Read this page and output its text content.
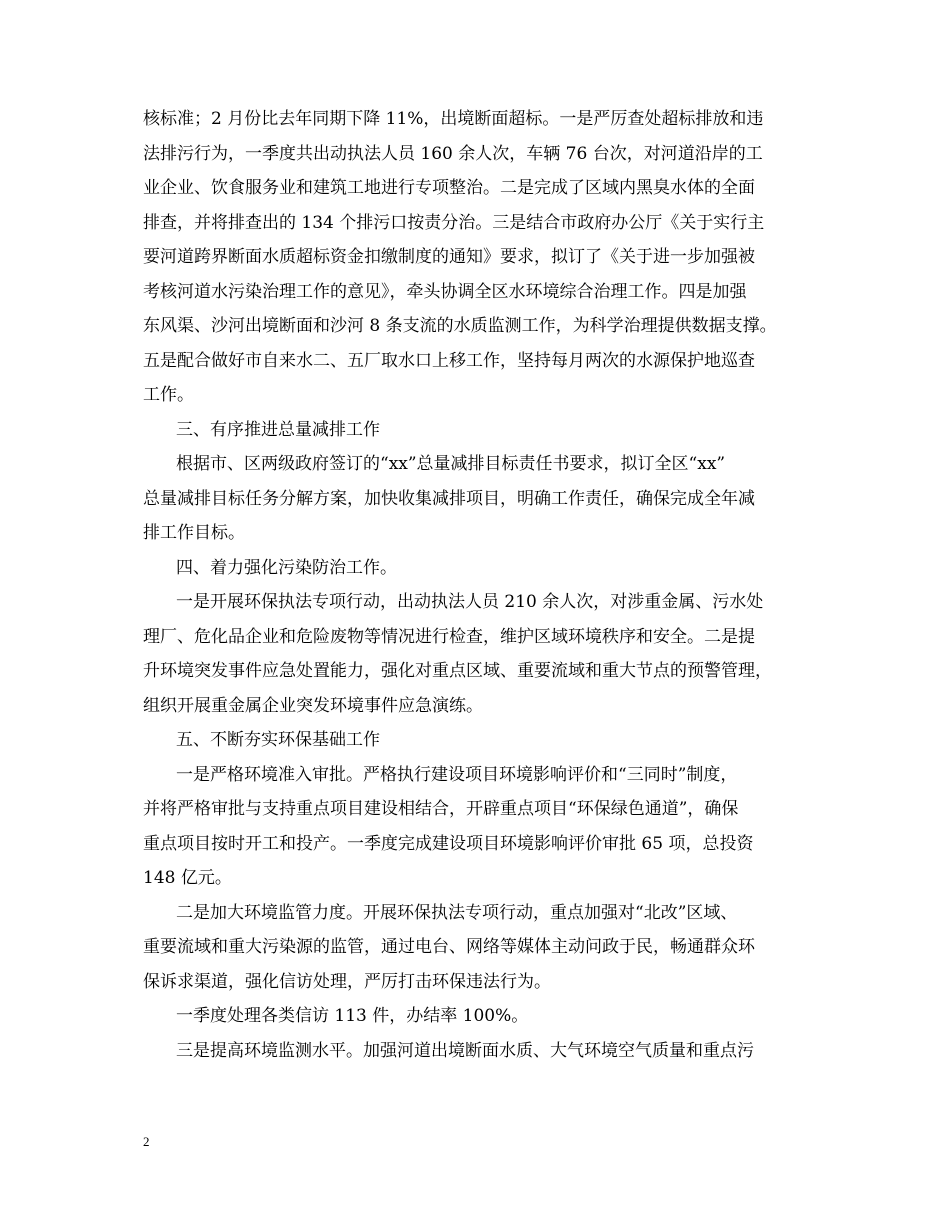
核标准；2 月份比去年同期下降 11%，出境断面超标。一是严厉查处超标排放和违
法排污行为，一季度共出动执法人员 160 余人次，车辆 76 台次，对河道沿岸的工
业企业、饮食服务业和建筑工地进行专项整治。二是完成了区域内黑臭水体的全面
排查，并将排查出的 134 个排污口按责分治。三是结合市政府办公厅《关于实行主
要河道跨界断面水质超标资金扣缴制度的通知》要求，拟订了《关于进一步加强被
考核河道水污染治理工作的意见》，牵头协调全区水环境综合治理工作。四是加强
东风渠、沙河出境断面和沙河 8 条支流的水质监测工作，为科学治理提供数据支撑。
五是配合做好市自来水二、五厂取水口上移工作，坚持每月两次的水源保护地巡查
工作。
三、有序推进总量减排工作
根据市、区两级政府签订的“xx”总量减排目标责任书要求，拟订全区“xx”
总量减排目标任务分解方案，加快收集减排项目，明确工作责任，确保完成全年减
排工作目标。
四、着力强化污染防治工作。
一是开展环保执法专项行动，出动执法人员 210 余人次，对涉重金属、污水处
理厂、危化品企业和危险废物等情况进行检查，维护区域环境秩序和安全。二是提
升环境突发事件应急处置能力，强化对重点区域、重要流域和重大节点的预警管理，
组织开展重金属企业突发环境事件应急演练。
五、不断夯实环保基础工作
一是严格环境准入审批。严格执行建设项目环境影响评价和“三同时”制度，
并将严格审批与支持重点项目建设相结合，开辟重点项目“环保绿色通道”，确保
重点项目按时开工和投产。一季度完成建设项目环境影响评价审批 65 项，总投资
148 亿元。
二是加大环境监管力度。开展环保执法专项行动，重点加强对“北改”区域、
重要流域和重大污染源的监管，通过电台、网络等媒体主动问政于民，畅通群众环
保诉求渠道，强化信访处理，严厉打击环保违法行为。
一季度处理各类信访 113 件，办结率 100%。
三是提高环境监测水平。加强河道出境断面水质、大气环境空气质量和重点污
2
